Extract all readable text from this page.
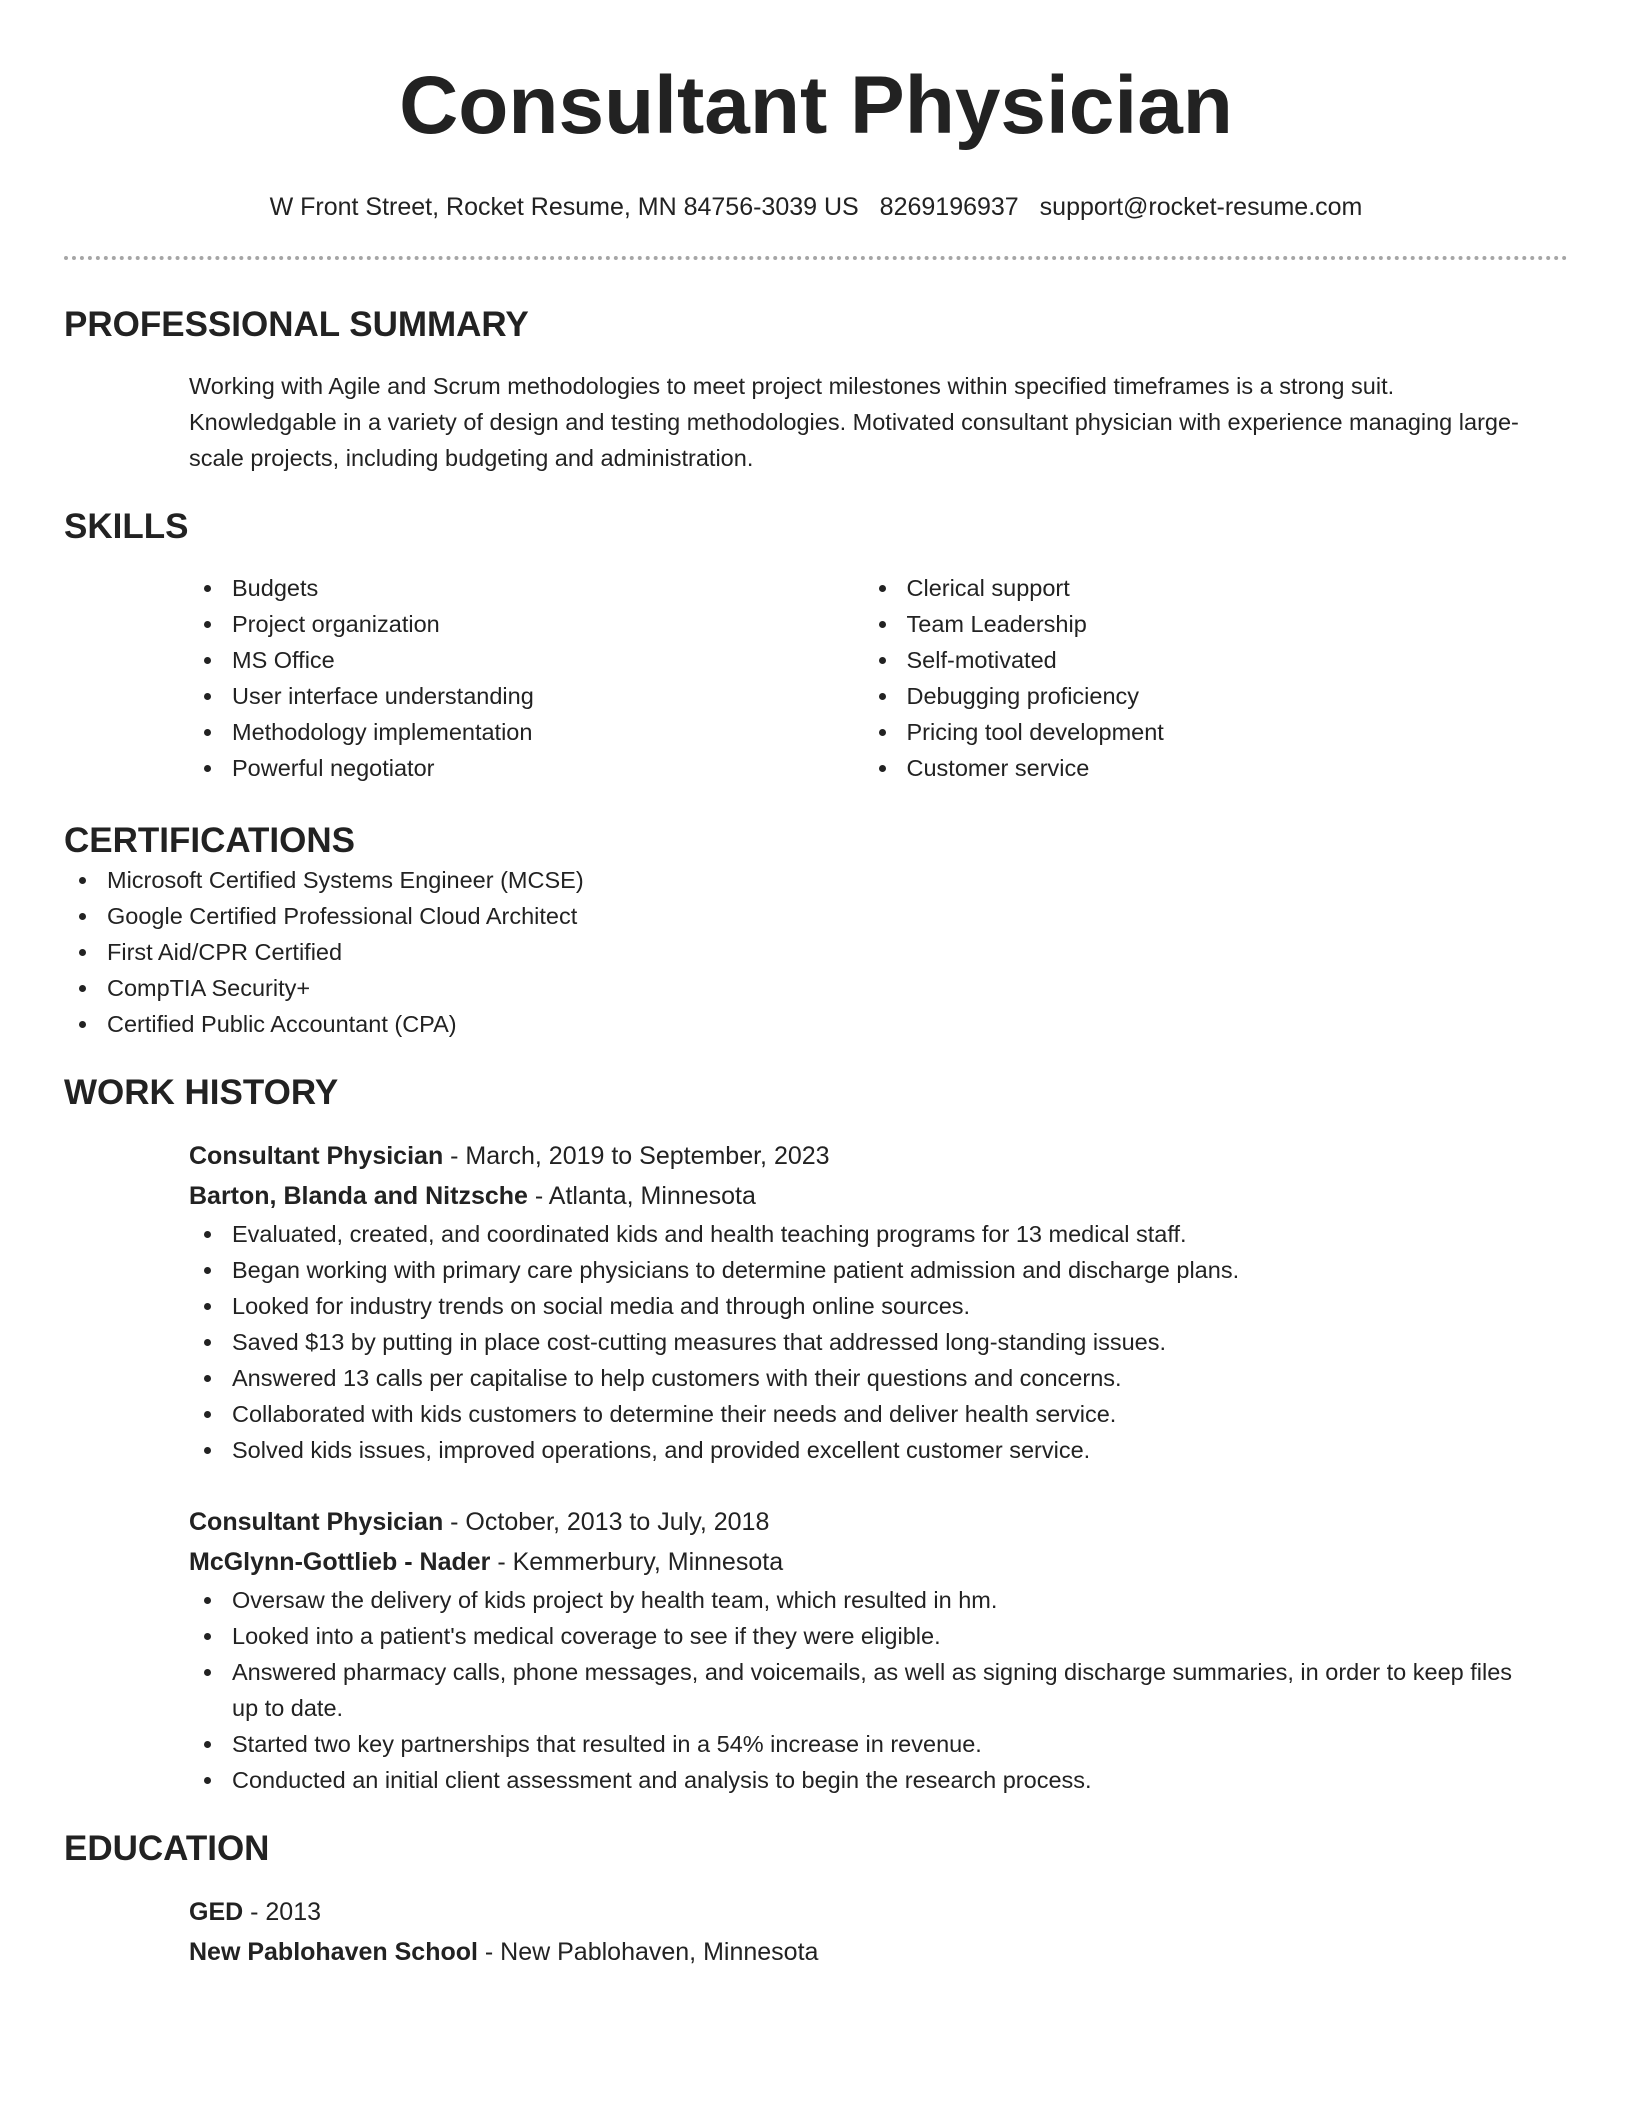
Consultant Physician
W Front Street, Rocket Resume, MN 84756-3039 US 8269196937 support@rocket-resume.com
PROFESSIONAL SUMMARY
Working with Agile and Scrum methodologies to meet project milestones within specified timeframes is a strong suit. Knowledgable in a variety of design and testing methodologies. Motivated consultant physician with experience managing large-scale projects, including budgeting and administration.
SKILLS
Budgets
Project organization
MS Office
User interface understanding
Methodology implementation
Powerful negotiator
Clerical support
Team Leadership
Self-motivated
Debugging proficiency
Pricing tool development
Customer service
CERTIFICATIONS
Microsoft Certified Systems Engineer (MCSE)
Google Certified Professional Cloud Architect
First Aid/CPR Certified
CompTIA Security+
Certified Public Accountant (CPA)
WORK HISTORY
Consultant Physician - March, 2019 to September, 2023
Barton, Blanda and Nitzsche - Atlanta, Minnesota
Evaluated, created, and coordinated kids and health teaching programs for 13 medical staff.
Began working with primary care physicians to determine patient admission and discharge plans.
Looked for industry trends on social media and through online sources.
Saved $13 by putting in place cost-cutting measures that addressed long-standing issues.
Answered 13 calls per capitalise to help customers with their questions and concerns.
Collaborated with kids customers to determine their needs and deliver health service.
Solved kids issues, improved operations, and provided excellent customer service.
Consultant Physician - October, 2013 to July, 2018
McGlynn-Gottlieb - Nader - Kemmerbury, Minnesota
Oversaw the delivery of kids project by health team, which resulted in hm.
Looked into a patient's medical coverage to see if they were eligible.
Answered pharmacy calls, phone messages, and voicemails, as well as signing discharge summaries, in order to keep files up to date.
Started two key partnerships that resulted in a 54% increase in revenue.
Conducted an initial client assessment and analysis to begin the research process.
EDUCATION
GED - 2013
New Pablohaven School - New Pablohaven, Minnesota
